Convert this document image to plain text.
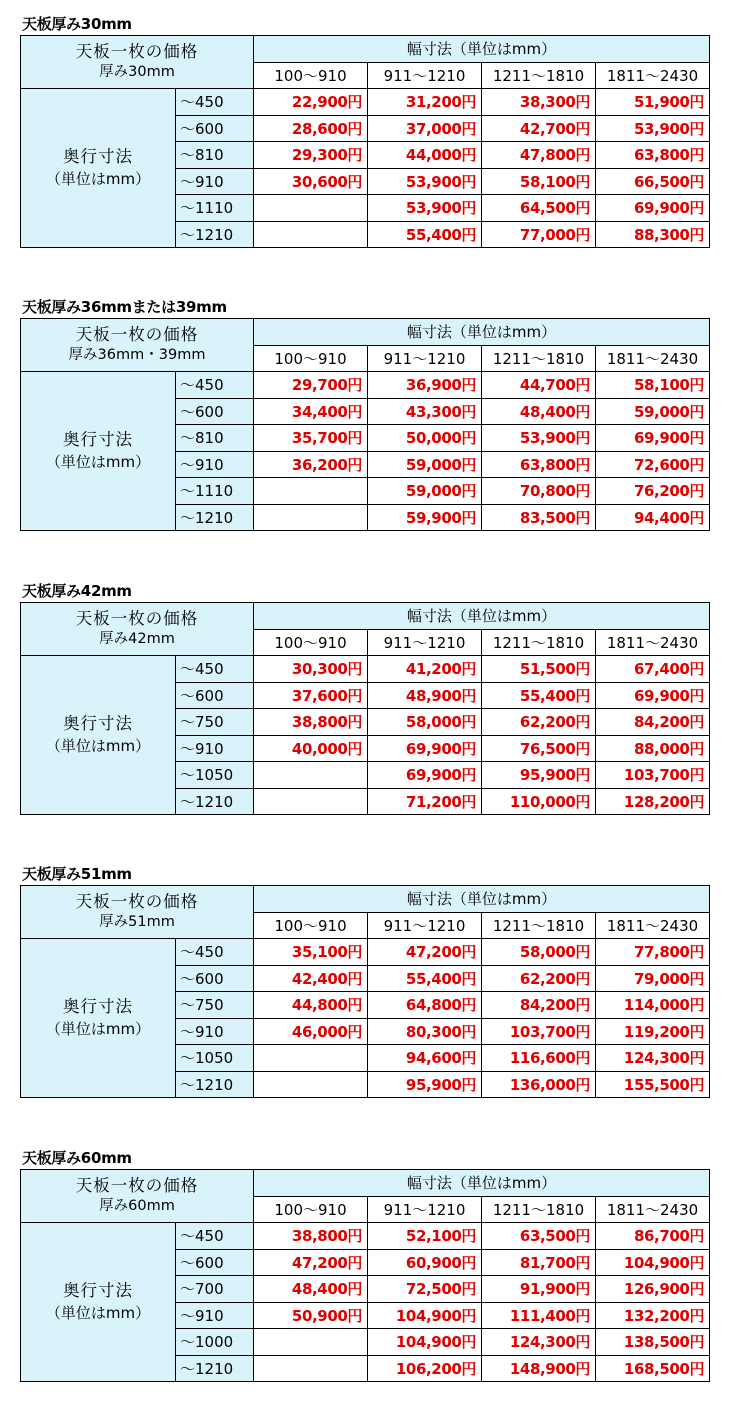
天板厚み30mm
天板一枚の価格
厚み30mm		幅寸法（単位はmm）			
		100～910	911～1210	1211～1810	1811～2430

奥行寸法
（単位はmm）	～450	22,900円	31,200円	38,300円	51,900円
	～600	28,600円	37,000円	42,700円	53,900円
	～810	29,300円	44,000円	47,800円	63,800円
	～910	30,600円	53,900円	58,100円	66,500円
	～1110		53,900円	64,500円	69,900円
	～1210		55,400円	77,000円	88,300円
天板厚み36mmまたは39mm
天板一枚の価格
厚み36mm・39mm		幅寸法（単位はmm）			
		100～910	911～1210	1211～1810	1811～2430

奥行寸法
（単位はmm）	～450	29,700円	36,900円	44,700円	58,100円
	～600	34,400円	43,300円	48,400円	59,000円
	～810	35,700円	50,000円	53,900円	69,900円
	～910	36,200円	59,000円	63,800円	72,600円
	～1110		59,000円	70,800円	76,200円
	～1210		59,900円	83,500円	94,400円
天板厚み42mm
天板一枚の価格
厚み42mm		幅寸法（単位はmm）			
		100～910	911～1210	1211～1810	1811～2430

奥行寸法
（単位はmm）	～450	30,300円	41,200円	51,500円	67,400円
	～600	37,600円	48,900円	55,400円	69,900円
	～750	38,800円	58,000円	62,200円	84,200円
	～910	40,000円	69,900円	76,500円	88,000円
	～1050		69,900円	95,900円	103,700円
	～1210		71,200円	110,000円	128,200円
天板厚み51mm
天板一枚の価格
厚み51mm		幅寸法（単位はmm）			
		100～910	911～1210	1211～1810	1811～2430

奥行寸法
（単位はmm）	～450	35,100円	47,200円	58,000円	77,800円
	～600	42,400円	55,400円	62,200円	79,000円
	～750	44,800円	64,800円	84,200円	114,000円
	～910	46,000円	80,300円	103,700円	119,200円
	～1050		94,600円	116,600円	124,300円
	～1210		95,900円	136,000円	155,500円
天板厚み60mm
天板一枚の価格
厚み60mm		幅寸法（単位はmm）			
		100～910	911～1210	1211～1810	1811～2430

奥行寸法
（単位はmm）	～450	38,800円	52,100円	63,500円	86,700円
	～600	47,200円	60,900円	81,700円	104,900円
	～700	48,400円	72,500円	91,900円	126,900円
	～910	50,900円	104,900円	111,400円	132,200円
	～1000		104,900円	124,300円	138,500円
	～1210		106,200円	148,900円	168,500円
